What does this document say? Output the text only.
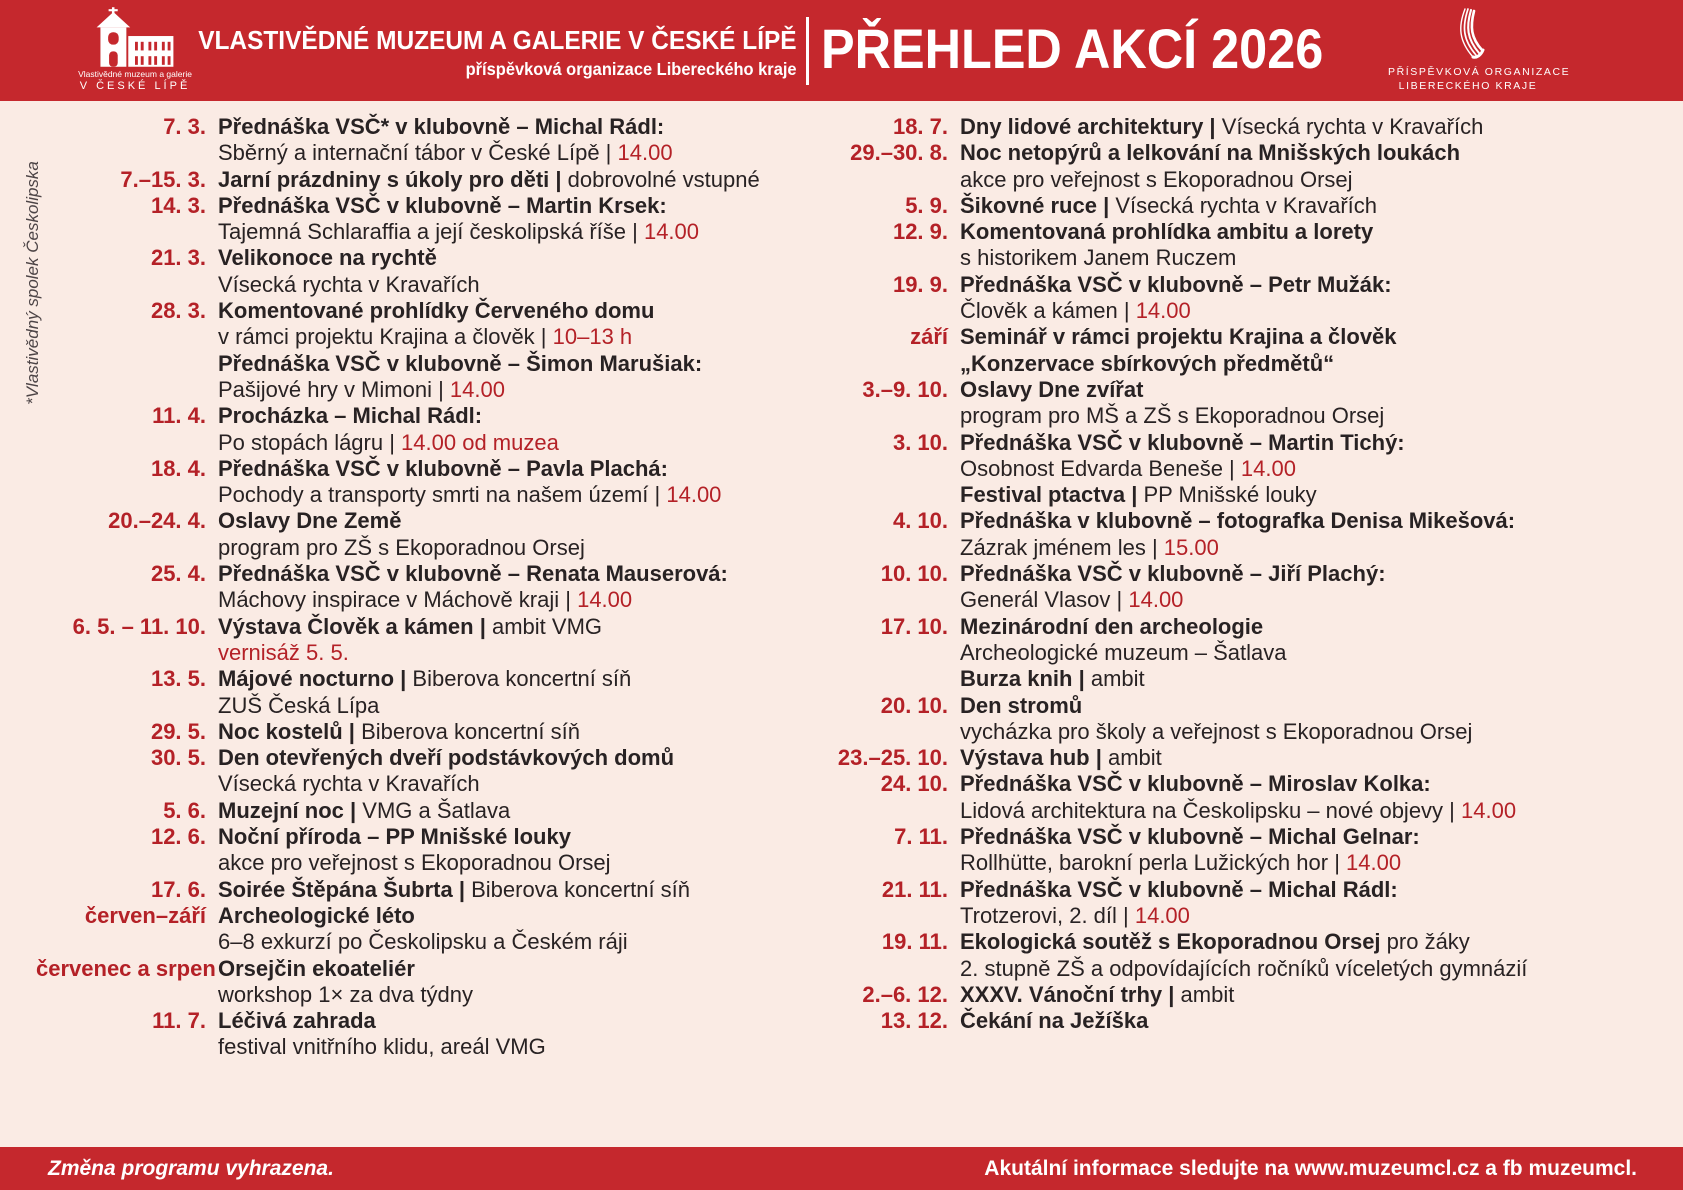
Vlastivědné muzeum a galerie
V ČESKÉ LÍPĚ
VLASTIVĚDNÉ MUZEUM A GALERIE V ČESKÉ LÍPĚ
příspěvková organizace Libereckého kraje PŘEHLED AKCÍ 2026	PŘÍSPĚVKOVÁ ORGANIZACE
LIBERECKÉHO KRAJE
*Vlastivědný spolek Českolipska
7. 3. Přednáška VSČ* v klubovně – Michal Rádl:
Sběrný a internační tábor v České Lípě | 14.00
7.–15. 3. Jarní prázdniny s úkoly pro děti | dobrovolné vstupné
14. 3. Přednáška VSČ v klubovně – Martin Krsek:
Tajemná Schlaraffia a její českolipská říše | 14.00
21. 3. Velikonoce na rychtě
Vísecká rychta v Kravařích
28. 3. Komentované prohlídky Červeného domu
v rámci projektu Krajina a člověk | 10–13 h
Přednáška VSČ v klubovně – Šimon Marušiak:
Pašijové hry v Mimoni | 14.00
11. 4. Procházka – Michal Rádl:
Po stopách lágru | 14.00 od muzea
18. 4. Přednáška VSČ v klubovně – Pavla Plachá:
Pochody a transporty smrti na našem území | 14.00
20.–24. 4. Oslavy Dne Země
program pro ZŠ s Ekoporadnou Orsej
25. 4. Přednáška VSČ v klubovně – Renata Mauserová:
Máchovy inspirace v Máchově kraji | 14.00
6. 5. – 11. 10. Výstava Člověk a kámen | ambit VMG
vernisáž 5. 5.
13. 5. Májové nocturno | Biberova koncertní síň
ZUŠ Česká Lípa
29. 5. Noc kostelů | Biberova koncertní síň
30. 5. Den otevřených dveří podstávkových domů
Vísecká rychta v Kravařích
5. 6. Muzejní noc | VMG a Šatlava
12. 6. Noční příroda – PP Mnišské louky
akce pro veřejnost s Ekoporadnou Orsej
17. 6. Soirée Štěpána Šubrta | Biberova koncertní síň
červen–září Archeologické léto
6–8 exkurzí po Českolipsku a Českém ráji
červenec a srpen Orsejčin ekoateliér
workshop 1× za dva týdny
11. 7. Léčivá zahrada
festival vnitřního klidu, areál VMG
18. 7. Dny lidové architektury | Vísecká rychta v Kravařích
29.–30. 8. Noc netopýrů a lelkování na Mnišských loukách
akce pro veřejnost s Ekoporadnou Orsej
5. 9. Šikovné ruce | Vísecká rychta v Kravařích
12. 9. Komentovaná prohlídka ambitu a lorety
s historikem Janem Ruczem
19. 9. Přednáška VSČ v klubovně – Petr Mužák:
Člověk a kámen | 14.00
září Seminář v rámci projektu Krajina a člověk
„Konzervace sbírkových předmětů“
3.–9. 10. Oslavy Dne zvířat
program pro MŠ a ZŠ s Ekoporadnou Orsej
3. 10. Přednáška VSČ v klubovně – Martin Tichý:
Osobnost Edvarda Beneše | 14.00
Festival ptactva | PP Mnišské louky
4. 10. Přednáška v klubovně – fotografka Denisa Mikešová:
Zázrak jménem les | 15.00
10. 10. Přednáška VSČ v klubovně – Jiří Plachý:
Generál Vlasov | 14.00
17. 10. Mezinárodní den archeologie
Archeologické muzeum – Šatlava
Burza knih | ambit
20. 10. Den stromů
vycházka pro školy a veřejnost s Ekoporadnou Orsej
23.–25. 10. Výstava hub | ambit
24. 10. Přednáška VSČ v klubovně – Miroslav Kolka:
Lidová architektura na Českolipsku – nové objevy | 14.00
7. 11. Přednáška VSČ v klubovně – Michal Gelnar:
Rollhütte, barokní perla Lužických hor | 14.00
21. 11. Přednáška VSČ v klubovně – Michal Rádl:
Trotzerovi, 2. díl | 14.00
19. 11. Ekologická soutěž s Ekoporadnou Orsej pro žáky
2. stupně ZŠ a odpovídajících ročníků víceletých gymnázií
2.–6. 12. XXXV. Vánoční trhy | ambit
13. 12. Čekání na Ježíška
Změna programu vyhrazena.	Akutální informace sledujte na www.muzeumcl.cz a fb muzeumcl.
